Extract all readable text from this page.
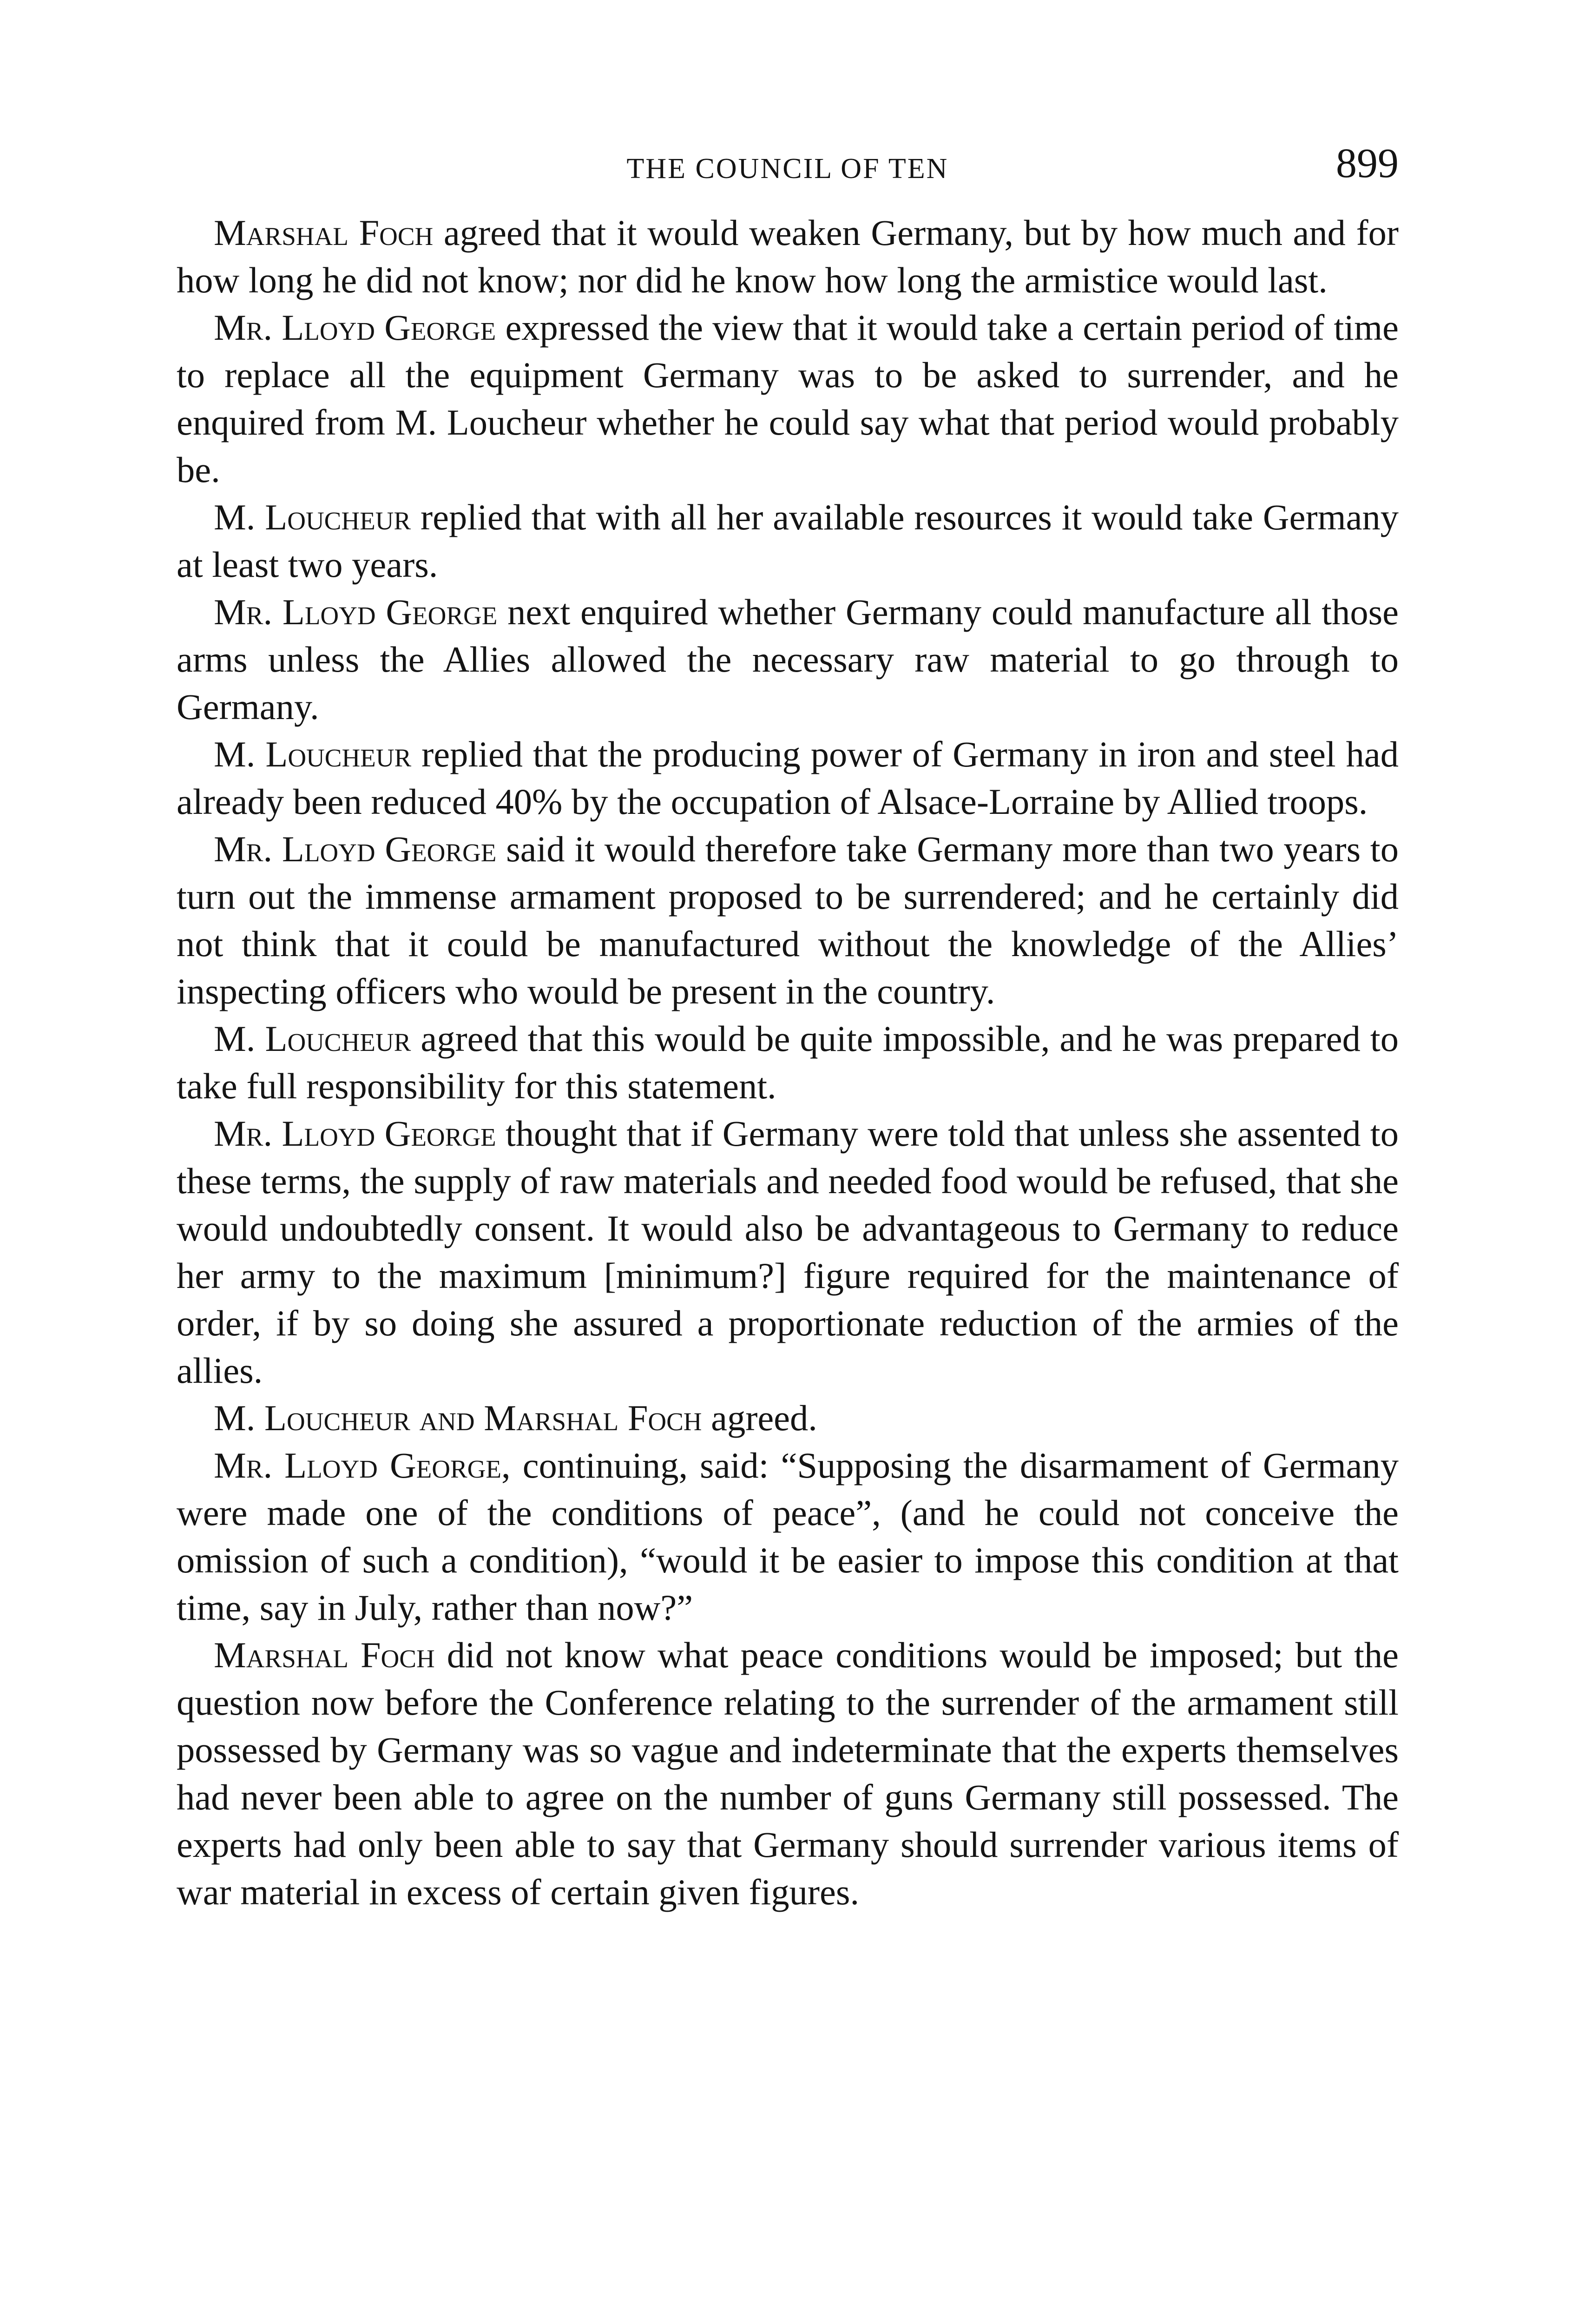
THE COUNCIL OF TEN	899

Marshal Foch agreed that it would weaken Germany, but by how much and for how long he did not know; nor did he know how long the armistice would last.

Mr. Lloyd George expressed the view that it would take a certain period of time to replace all the equipment Germany was to be asked to surrender, and he enquired from M. Loucheur whether he could say what that period would probably be.

M. Loucheur replied that with all her available resources it would take Germany at least two years.

Mr. Lloyd George next enquired whether Germany could manufacture all those arms unless the Allies allowed the necessary raw material to go through to Germany.

M. Loucheur replied that the producing power of Germany in iron and steel had already been reduced 40% by the occupation of Alsace-Lorraine by Allied troops.

Mr. Lloyd George said it would therefore take Germany more than two years to turn out the immense armament proposed to be surrendered; and he certainly did not think that it could be manufactured without the knowledge of the Allies’ inspecting officers who would be present in the country.

M. Loucheur agreed that this would be quite impossible, and he was prepared to take full responsibility for this statement.

Mr. Lloyd George thought that if Germany were told that unless she assented to these terms, the supply of raw materials and needed food would be refused, that she would undoubtedly consent. It would also be advantageous to Germany to reduce her army to the maximum [minimum?] figure required for the maintenance of order, if by so doing she assured a proportionate reduction of the armies of the allies.

M. Loucheur and Marshal Foch agreed.

Mr. Lloyd George, continuing, said: “Supposing the disarmament of Germany were made one of the conditions of peace”, (and he could not conceive the omission of such a condition), “would it be easier to impose this condition at that time, say in July, rather than now?”

Marshal Foch did not know what peace conditions would be imposed; but the question now before the Conference relating to the surrender of the armament still possessed by Germany was so vague and indeterminate that the experts themselves had never been able to agree on the number of guns Germany still possessed. The experts had only been able to say that Germany should surrender various items of war material in excess of certain given figures.
